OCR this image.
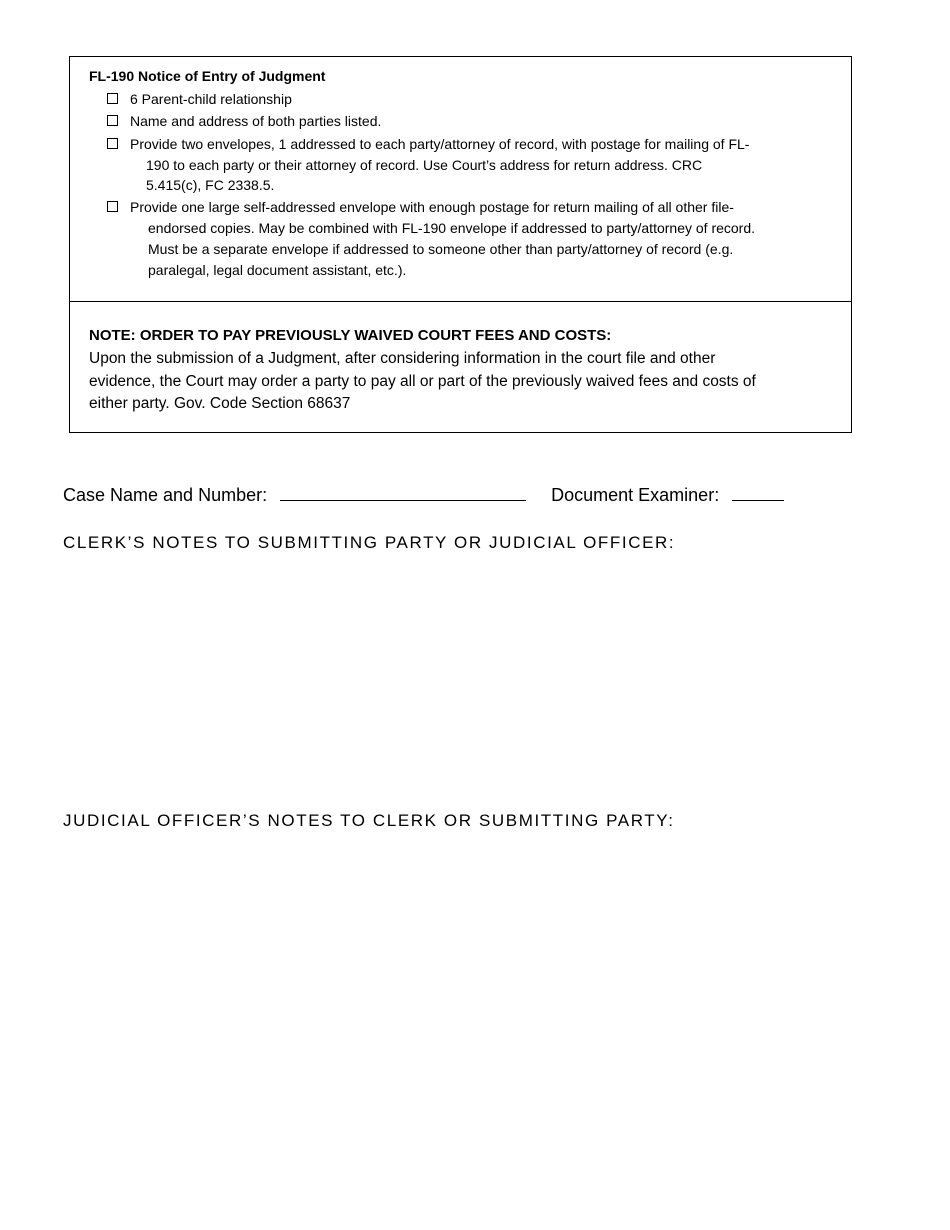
FL-190 Notice of Entry of Judgment
6 Parent-child relationship
Name and address of both parties listed.
Provide two envelopes, 1 addressed to each party/attorney of record, with postage for mailing of FL-
190 to each party or their attorney of record. Use Court’s address for return address. CRC
5.415(c), FC 2338.5.
Provide one large self-addressed envelope with enough postage for return mailing of all other file-
endorsed copies. May be combined with FL-190 envelope if addressed to party/attorney of record.
Must be a separate envelope if addressed to someone other than party/attorney of record (e.g.
paralegal, legal document assistant, etc.).
NOTE: ORDER TO PAY PREVIOUSLY WAIVED COURT FEES AND COSTS:
Upon the submission of a Judgment, after considering information in the court file and other
evidence, the Court may order a party to pay all or part of the previously waived fees and costs of
either party. Gov. Code Section 68637
Case Name and Number:	Document Examiner:
CLERK’S NOTES TO SUBMITTING PARTY OR JUDICIAL OFFICER:
JUDICIAL OFFICER’S NOTES TO CLERK OR SUBMITTING PARTY:
